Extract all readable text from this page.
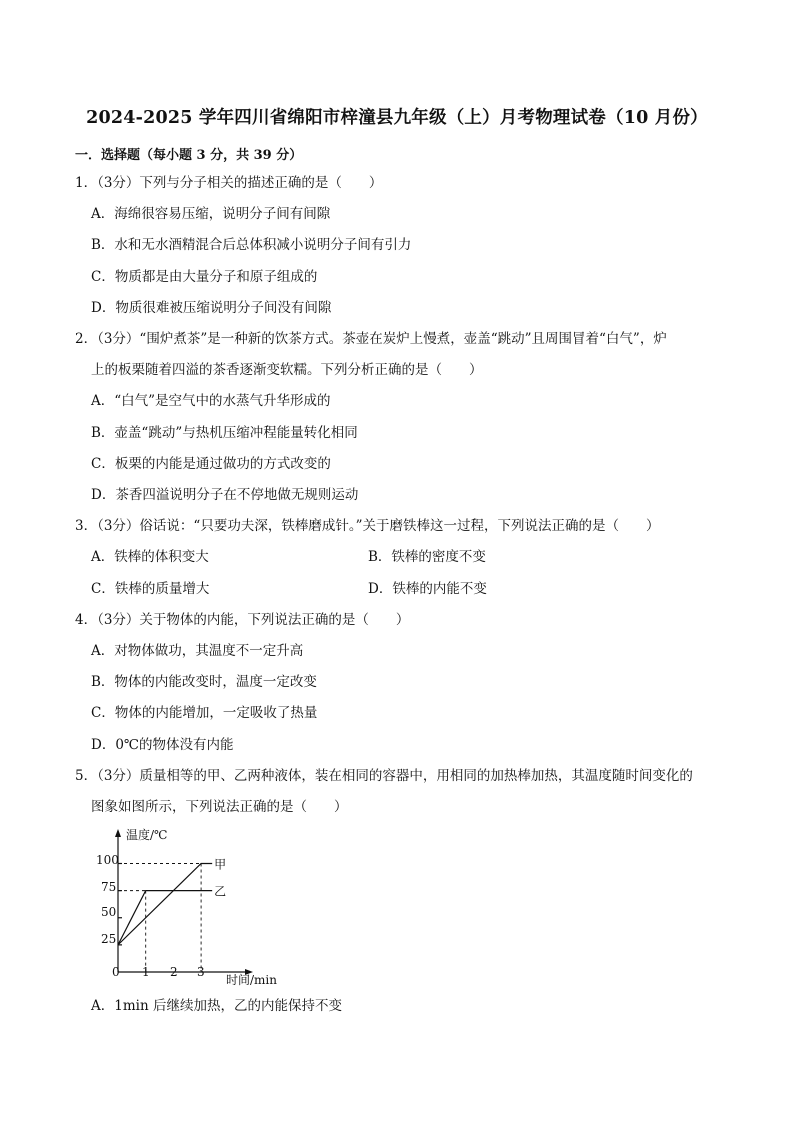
2024-2025 学年四川省绵阳市梓潼县九年级（上）月考物理试卷（10 月份）
一．选择题（每小题 3 分，共 39 分）
1．（3分）下列与分子相关的描述正确的是（　　）
A．海绵很容易压缩，说明分子间有间隙
B．水和无水酒精混合后总体积减小说明分子间有引力
C．物质都是由大量分子和原子组成的
D．物质很难被压缩说明分子间没有间隙
2．（3分）“围炉煮茶”是一种新的饮茶方式。茶壶在炭炉上慢煮，壶盖“跳动”且周围冒着“白气”，炉
上的板栗随着四溢的茶香逐渐变软糯。下列分析正确的是（　　）
A．“白气”是空气中的水蒸气升华形成的
B．壶盖“跳动”与热机压缩冲程能量转化相同
C．板栗的内能是通过做功的方式改变的
D．茶香四溢说明分子在不停地做无规则运动
3．（3分）俗话说：“只要功夫深，铁棒磨成针。”关于磨铁棒这一过程，下列说法正确的是（　　）
A．铁棒的体积变大	B．铁棒的密度不变
C．铁棒的质量增大	D．铁棒的内能不变
4．（3分）关于物体的内能，下列说法正确的是（　　）
A．对物体做功，其温度不一定升高
B．物体的内能改变时，温度一定改变
C．物体的内能增加，一定吸收了热量
D．0℃的物体没有内能
5．（3分）质量相等的甲、乙两种液体，装在相同的容器中，用相同的加热棒加热，其温度随时间变化的
图象如图所示，下列说法正确的是（　　）
温度/℃
时间/min
0 1 2 3
25
50
75
100	甲
乙
A．1min 后继续加热，乙的内能保持不变
